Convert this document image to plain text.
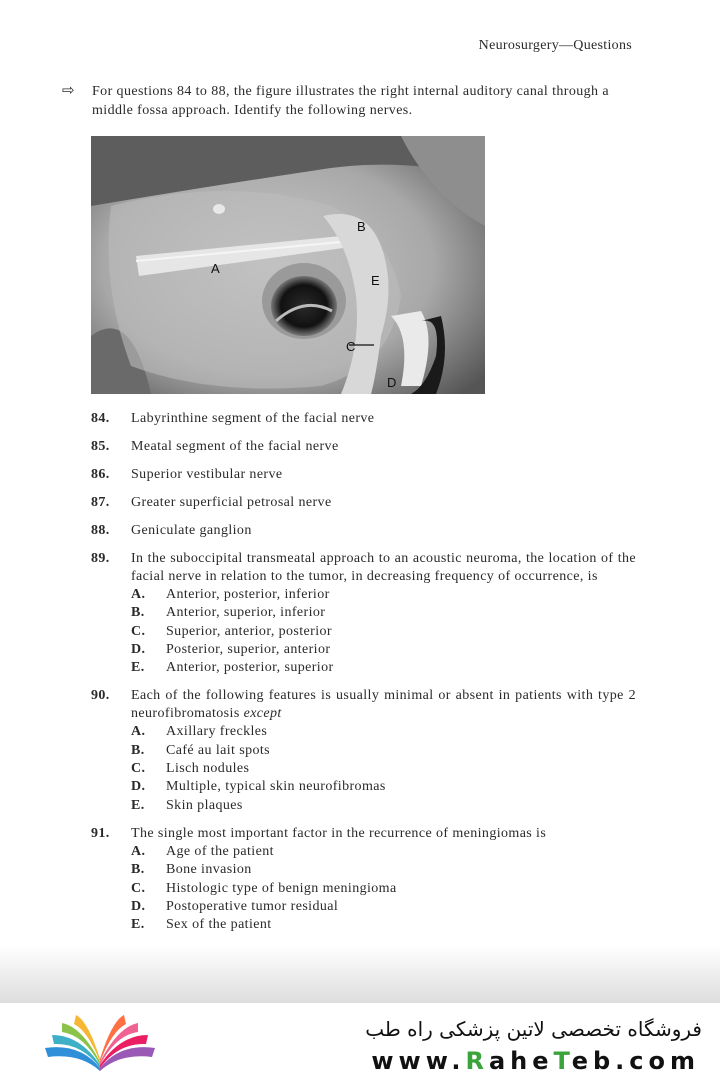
Neurosurgery—Questions
⇨ For questions 84 to 88, the figure illustrates the right internal auditory canal through a middle fossa approach. Identify the following nerves.
A
B
C
D
E
84.	Labyrinthine segment of the facial nerve
85.	Meatal segment of the facial nerve
86.	Superior vestibular nerve
87.	Greater superficial petrosal nerve
88.	Geniculate ganglion
89.	In the suboccipital transmeatal approach to an acoustic neuroma, the location of the facial nerve in relation to the tumor, in decreasing frequency of occurrence, is
A.	Anterior, posterior, inferior
B.	Anterior, superior, inferior
C.	Superior, anterior, posterior
D.	Posterior, superior, anterior
E.	Anterior, posterior, superior
90.	Each of the following features is usually minimal or absent in patients with type 2 neurofibromatosis except
A.	Axillary freckles
B.	Café au lait spots
C.	Lisch nodules
D.	Multiple, typical skin neurofibromas
E.	Skin plaques
91.	The single most important factor in the recurrence of meningiomas is
A.	Age of the patient
B.	Bone invasion
C.	Histologic type of benign meningioma
D.	Postoperative tumor residual
E.	Sex of the patient
فروشگاه تخصصی لاتین پزشکی راه طب
www.RaheTeb.com
